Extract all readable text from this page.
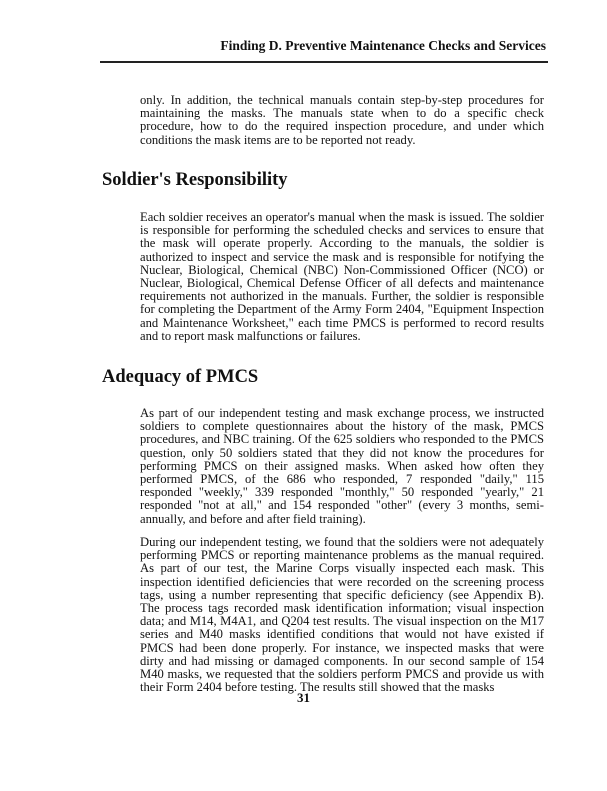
Finding D. Preventive Maintenance Checks and Services

only. In addition, the technical manuals contain step-by-step procedures for maintaining the masks. The manuals state when to do a specific check procedure, how to do the required inspection procedure, and under which conditions the mask items are to be reported not ready.

Soldier's Responsibility

Each soldier receives an operator's manual when the mask is issued. The soldier is responsible for performing the scheduled checks and services to ensure that the mask will operate properly. According to the manuals, the soldier is authorized to inspect and service the mask and is responsible for notifying the Nuclear, Biological, Chemical (NBC) Non-Commissioned Officer (NCO) or Nuclear, Biological, Chemical Defense Officer of all defects and maintenance requirements not authorized in the manuals. Further, the soldier is responsible for completing the Department of the Army Form 2404, "Equipment Inspection and Maintenance Worksheet," each time PMCS is performed to record results and to report mask malfunctions or failures.

Adequacy of PMCS

As part of our independent testing and mask exchange process, we instructed soldiers to complete questionnaires about the history of the mask, PMCS procedures, and NBC training. Of the 625 soldiers who responded to the PMCS question, only 50 soldiers stated that they did not know the procedures for performing PMCS on their assigned masks. When asked how often they performed PMCS, of the 686 who responded, 7 responded "daily," 115 responded "weekly," 339 responded "monthly," 50 responded "yearly," 21 responded "not at all," and 154 responded "other" (every 3 months, semi-annually, and before and after field training).

During our independent testing, we found that the soldiers were not adequately performing PMCS or reporting maintenance problems as the manual required. As part of our test, the Marine Corps visually inspected each mask. This inspection identified deficiencies that were recorded on the screening process tags, using a number representing that specific deficiency (see Appendix B). The process tags recorded mask identification information; visual inspection data; and M14, M4A1, and Q204 test results. The visual inspection on the M17 series and M40 masks identified conditions that would not have existed if PMCS had been done properly. For instance, we inspected masks that were dirty and had missing or damaged components. In our second sample of 154 M40 masks, we requested that the soldiers perform PMCS and provide us with their Form 2404 before testing. The results still showed that the masks

31
